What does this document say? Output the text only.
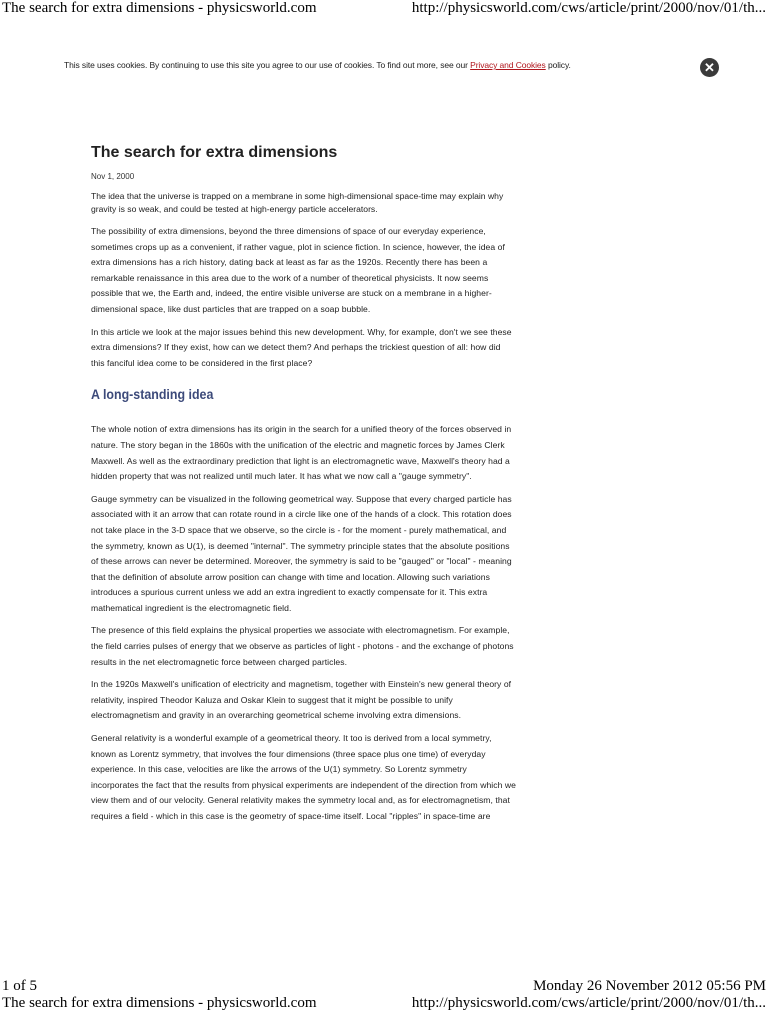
The search for extra dimensions - physicsworld.com	http://physicsworld.com/cws/article/print/2000/nov/01/th...
This site uses cookies. By continuing to use this site you agree to our use of cookies. To find out more, see our Privacy and Cookies policy.	✕
The search for extra dimensions
Nov 1, 2000

The idea that the universe is trapped on a membrane in some high-dimensional space-time may explain why gravity is so weak, and could be tested at high-energy particle accelerators.

The possibility of extra dimensions, beyond the three dimensions of space of our everyday experience, sometimes crops up as a convenient, if rather vague, plot in science fiction. In science, however, the idea of extra dimensions has a rich history, dating back at least as far as the 1920s. Recently there has been a remarkable renaissance in this area due to the work of a number of theoretical physicists. It now seems possible that we, the Earth and, indeed, the entire visible universe are stuck on a membrane in a higher-dimensional space, like dust particles that are trapped on a soap bubble.

In this article we look at the major issues behind this new development. Why, for example, don't we see these extra dimensions? If they exist, how can we detect them? And perhaps the trickiest question of all: how did this fanciful idea come to be considered in the first place?

A long-standing idea

The whole notion of extra dimensions has its origin in the search for a unified theory of the forces observed in nature. The story began in the 1860s with the unification of the electric and magnetic forces by James Clerk Maxwell. As well as the extraordinary prediction that light is an electromagnetic wave, Maxwell's theory had a hidden property that was not realized until much later. It has what we now call a "gauge symmetry".

Gauge symmetry can be visualized in the following geometrical way. Suppose that every charged particle has associated with it an arrow that can rotate round in a circle like one of the hands of a clock. This rotation does not take place in the 3-D space that we observe, so the circle is - for the moment - purely mathematical, and the symmetry, known as U(1), is deemed "internal". The symmetry principle states that the absolute positions of these arrows can never be determined. Moreover, the symmetry is said to be "gauged" or "local" - meaning that the definition of absolute arrow position can change with time and location. Allowing such variations introduces a spurious current unless we add an extra ingredient to exactly compensate for it. This extra mathematical ingredient is the electromagnetic field.

The presence of this field explains the physical properties we associate with electromagnetism. For example, the field carries pulses of energy that we observe as particles of light - photons - and the exchange of photons results in the net electromagnetic force between charged particles.

In the 1920s Maxwell's unification of electricity and magnetism, together with Einstein's new general theory of relativity, inspired Theodor Kaluza and Oskar Klein to suggest that it might be possible to unify electromagnetism and gravity in an overarching geometrical scheme involving extra dimensions.

General relativity is a wonderful example of a geometrical theory. It too is derived from a local symmetry, known as Lorentz symmetry, that involves the four dimensions (three space plus one time) of everyday experience. In this case, velocities are like the arrows of the U(1) symmetry. So Lorentz symmetry incorporates the fact that the results from physical experiments are independent of the direction from which we view them and of our velocity. General relativity makes the symmetry local and, as for electromagnetism, that requires a field - which in this case is the geometry of space-time itself. Local "ripples" in space-time are

1 of 5	Monday 26 November 2012 05:56 PM
The search for extra dimensions - physicsworld.com	http://physicsworld.com/cws/article/print/2000/nov/01/th...
